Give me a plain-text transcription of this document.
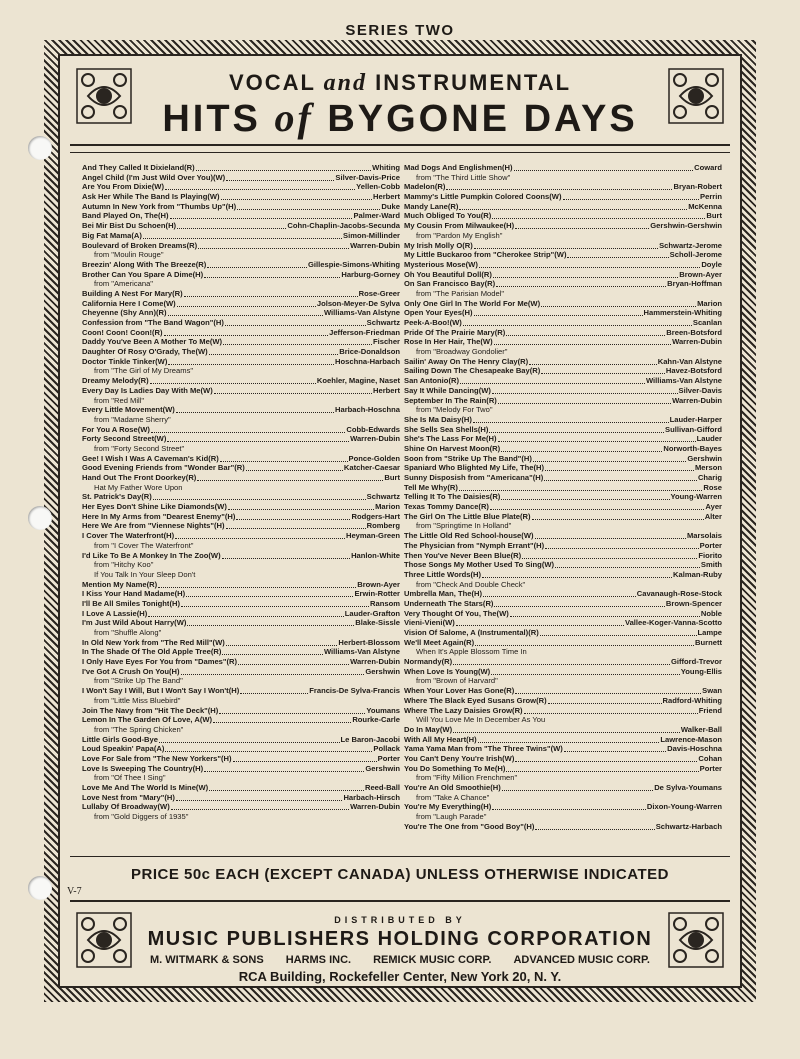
SERIES TWO
VOCAL and INSTRUMENTAL
HITS of BYGONE DAYS
And They Called It Dixieland (R)	Whiting
Angel Child (I'm Just Wild Over You) (W)	Silver-Davis-Price
Are You From Dixie (W)	Yellen-Cobb
Ask Her While The Band Is Playing (W)	Herbert
Autumn In New York from "Thumbs Up" (H)	Duke
Band Played On, The (H)	Palmer-Ward
Bei Mir Bist Du Schoen (H)	Cohn-Chaplin-Jacobs-Secunda
Big Fat Mama (A)	Simon-Millinder
Boulevard of Broken Dreams (R)	Warren-Dubin
from "Moulin Rouge"
Breezin' Along With The Breeze (R)	Gillespie-Simons-Whiting
Brother Can You Spare A Dime (H)	Harburg-Gorney
from "Americana"
Building A Nest For Mary (R)	Rose-Greer
California Here I Come (W)	Jolson-Meyer-De Sylva
Cheyenne (Shy Ann) (R)	Williams-Van Alstyne
Confession from "The Band Wagon" (H)	Schwartz
Coon! Coon! Coon! (R)	Jefferson-Friedman
Daddy You've Been A Mother To Me (W)	Fischer
Daughter Of Rosy O'Grady, The (W)	Brice-Donaldson
Doctor Tinkle Tinker (W)	Hoschna-Harbach
from "The Girl of My Dreams"
Dreamy Melody (R)	Koehler, Magine, Naset
Every Day Is Ladies Day With Me (W)	Herbert
from "Red Mill"
Every Little Movement (W)	Harbach-Hoschna
from "Madame Sherry"
For You A Rose (W)	Cobb-Edwards
Forty Second Street (W)	Warren-Dubin
from "Forty Second Street"
Gee! I Wish I Was A Caveman's Kid (R)	Ponce-Golden
Good Evening Friends from "Wonder Bar" (R)	Katcher-Caesar
Hand Out The Front Doorkey (R)	Burt
Hat My Father Wore Upon
St. Patrick's Day (R)	Schwartz
Her Eyes Don't Shine Like Diamonds (W)	Marion
Here In My Arms from "Dearest Enemy" (H)	Rodgers-Hart
Here We Are from "Viennese Nights" (H)	Romberg
I Cover The Waterfront (H)	Heyman-Green
from "I Cover The Waterfront"
I'd Like To Be A Monkey In The Zoo (W)	Hanlon-White
from "Hitchy Koo"
If You Talk In Your Sleep Don't
Mention My Name (R)	Brown-Ayer
I Kiss Your Hand Madame (H)	Erwin-Rotter
I'll Be All Smiles Tonight (H)	Ransom
I Love A Lassie (H)	Lauder-Grafton
I'm Just Wild About Harry (W)	Blake-Sissle
from "Shuffle Along"
In Old New York from "The Red Mill" (W)	Herbert-Blossom
In The Shade Of The Old Apple Tree (R)	Williams-Van Alstyne
I Only Have Eyes For You from "Dames" (R)	Warren-Dubin
I've Got A Crush On You (H)	Gershwin
from "Strike Up The Band"
I Won't Say I Will, But I Won't Say I Won't (H)	Francis-De Sylva-Francis
from "Little Miss Bluebird"
Join The Navy from "Hit The Deck" (H)	Youmans
Lemon In The Garden Of Love, A (W)	Rourke-Carle
from "The Spring Chicken"
Little Girls Good-Bye	Le Baron-Jacobi
Loud Speakin' Papa (A)	Pollack
Love For Sale from "The New Yorkers" (H)	Porter
Love Is Sweeping The Country (H)	Gershwin
from "Of Thee I Sing"
Love Me And The World Is Mine (W)	Reed-Ball
Love Nest from "Mary" (H)	Harbach-Hirsch
Lullaby Of Broadway (W)	Warren-Dubin
from "Gold Diggers of 1935"
Mad Dogs And Englishmen (H)	Coward
from "The Third Little Show"
Madelon (R)	Bryan-Robert
Mammy's Little Pumpkin Colored Coons (W)	Perrin
Mandy Lane (R)	McKenna
Much Obliged To You (R)	Burt
My Cousin From Milwaukee (H)	Gershwin-Gershwin
from "Pardon My English"
My Irish Molly O (R)	Schwartz-Jerome
My Little Buckaroo from "Cherokee Strip" (W)	Scholl-Jerome
Mysterious Mose (W)	Doyle
Oh You Beautiful Doll (R)	Brown-Ayer
On San Francisco Bay (R)	Bryan-Hoffman
from "The Parisian Model"
Only One Girl In The World For Me (W)	Marion
Open Your Eyes (H)	Hammerstein-Whiting
Peek-A-Boo! (W)	Scanlan
Pride Of The Prairie Mary (R)	Breen-Botsford
Rose In Her Hair, The (W)	Warren-Dubin
from "Broadway Gondolier"
Sailin' Away On The Henry Clay (R)	Kahn-Van Alstyne
Sailing Down The Chesapeake Bay (R)	Havez-Botsford
San Antonio (R)	Williams-Van Alstyne
Say It While Dancing (W)	Silver-Davis
September In The Rain (R)	Warren-Dubin
from "Melody For Two"
She Is Ma Daisy (H)	Lauder-Harper
She Sells Sea Shells (H)	Sullivan-Gifford
She's The Lass For Me (H)	Lauder
Shine On Harvest Moon (R)	Norworth-Bayes
Soon from "Strike Up The Band" (H)	Gershwin
Spaniard Who Blighted My Life, The (H)	Merson
Sunny Disposish from "Americana" (H)	Charig
Tell Me Why (R)	Rose
Telling It To The Daisies (R)	Young-Warren
Texas Tommy Dance (R)	Ayer
The Girl On The Little Blue Plate (R)	Alter
from "Springtime In Holland"
The Little Old Red School-house (W)	Marsolais
The Physician from "Nymph Errant" (H)	Porter
Then You've Never Been Blue (R)	Fiorito
Those Songs My Mother Used To Sing (W)	Smith
Three Little Words (H)	Kalman-Ruby
from "Check And Double Check"
Umbrella Man, The (H)	Cavanaugh-Rose-Stock
Underneath The Stars (R)	Brown-Spencer
Very Thought Of You, The (W)	Noble
Vieni-Vieni (W)	Vallee-Koger-Vanna-Scotto
Vision Of Salome, A (Instrumental) (R)	Lampe
We'll Meet Again (R)	Burnett
When It's Apple Blossom Time In
Normandy (R)	Gifford-Trevor
When Love Is Young (W)	Young-Ellis
from "Brown of Harvard"
When Your Lover Has Gone (R)	Swan
Where The Black Eyed Susans Grow (R)	Radford-Whiting
Where The Lazy Daisies Grow (R)	Friend
Will You Love Me In December As You
Do In May (W)	Walker-Ball
With All My Heart (H)	Lawrence-Mason
Yama Yama Man from "The Three Twins" (W)	Davis-Hoschna
You Can't Deny You're Irish (W)	Cohan
You Do Something To Me (H)	Porter
from "Fifty Million Frenchmen"
You're An Old Smoothie (H)	De Sylva-Youmans
from "Take A Chance"
You're My Everything (H)	Dixon-Young-Warren
from "Laugh Parade"
You're The One from "Good Boy" (H)	Schwartz-Harbach
PRICE 50c EACH (EXCEPT CANADA) UNLESS OTHERWISE INDICATED
V-7
DISTRIBUTED BY
MUSIC PUBLISHERS HOLDING CORPORATION
M. WITMARK & SONS HARMS INC. REMICK MUSIC CORP. ADVANCED MUSIC CORP.
RCA Building, Rockefeller Center, New York 20, N. Y.
